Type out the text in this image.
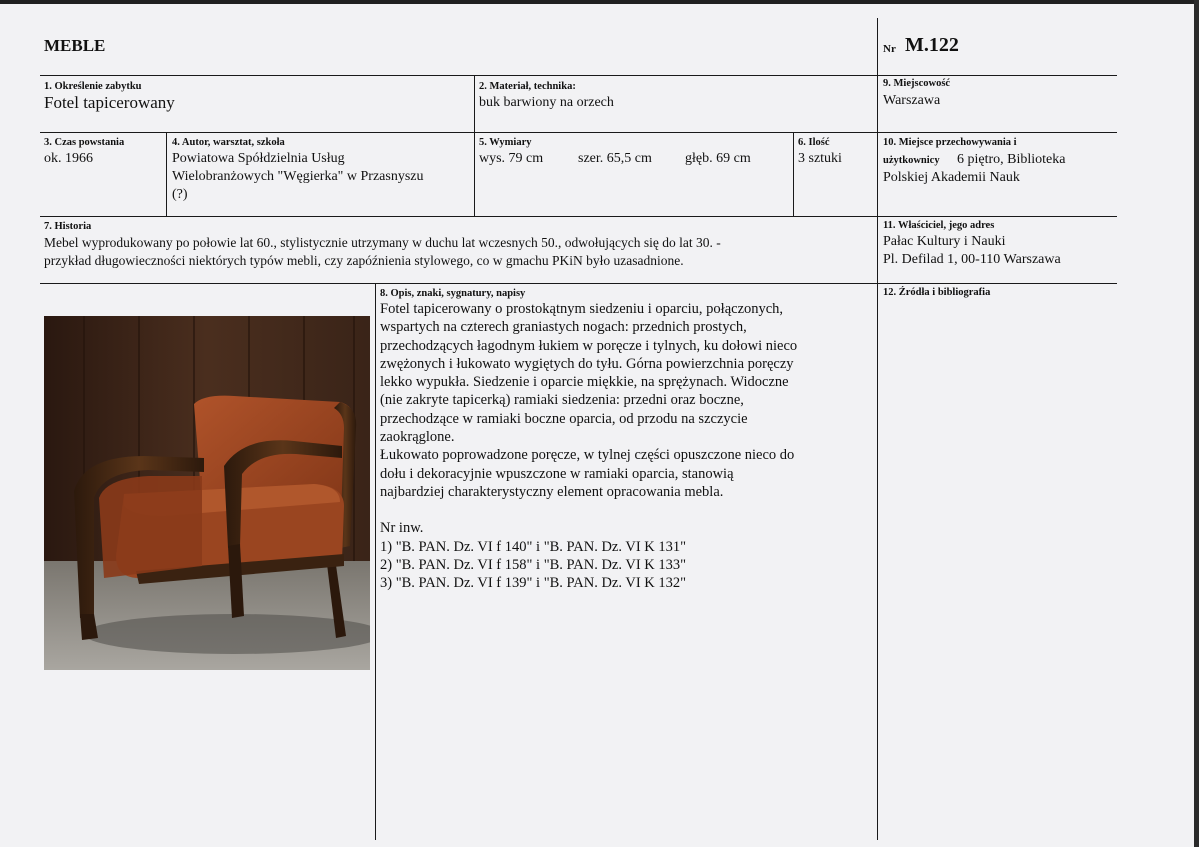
MEBLE	Nr M.122
1. Określenie zabytku
Fotel tapicerowany
2. Materiał, technika:
buk barwiony na orzech
9. Miejscowość
Warszawa
3. Czas powstania
ok. 1966
4. Autor, warsztat, szkoła
Powiatowa Spółdzielnia Usług
Wielobranżowych "Węgierka" w Przasnyszu
(?)
5. Wymiary
wys. 79 cm szer. 65,5 cm głęb. 69 cm
6. Ilość
3 sztuki
10. Miejsce przechowywania i
użytkownicy 6 piętro, Biblioteka
Polskiej Akademii Nauk
7. Historia
Mebel wyprodukowany po połowie lat 60., stylistycznie utrzymany w duchu lat wczesnych 50., odwołujących się do lat 30. -
przykład długowieczności niektórych typów mebli, czy zapóźnienia stylowego, co w gmachu PKiN było uzasadnione.
11. Właściciel, jego adres
Pałac Kultury i Nauki
Pl. Defilad 1, 00-110 Warszawa
8. Opis, znaki, sygnatury, napisy
Fotel tapicerowany o prostokątnym siedzeniu i oparciu, połączonych,
wspartych na czterech graniastych nogach: przednich prostych,
przechodzących łagodnym łukiem w poręcze i tylnych, ku dołowi nieco
zwężonych i łukowato wygiętych do tyłu. Górna powierzchnia poręczy
lekko wypukła. Siedzenie i oparcie miękkie, na sprężynach. Widoczne
(nie zakryte tapicerką) ramiaki siedzenia: przedni oraz boczne,
przechodzące w ramiaki boczne oparcia, od przodu na szczycie
zaokrąglone.
Łukowato poprowadzone poręcze, w tylnej części opuszczone nieco do
dołu i dekoracyjnie wpuszczone w ramiaki oparcia, stanowią
najbardziej charakterystyczny element opracowania mebla.
Nr inw.
1) "B. PAN. Dz. VI f 140" i "B. PAN. Dz. VI K 131"
2) "B. PAN. Dz. VI f 158" i "B. PAN. Dz. VI K 133"
3) "B. PAN. Dz. VI f 139" i "B. PAN. Dz. VI K 132"
12. Źródła i bibliografia
